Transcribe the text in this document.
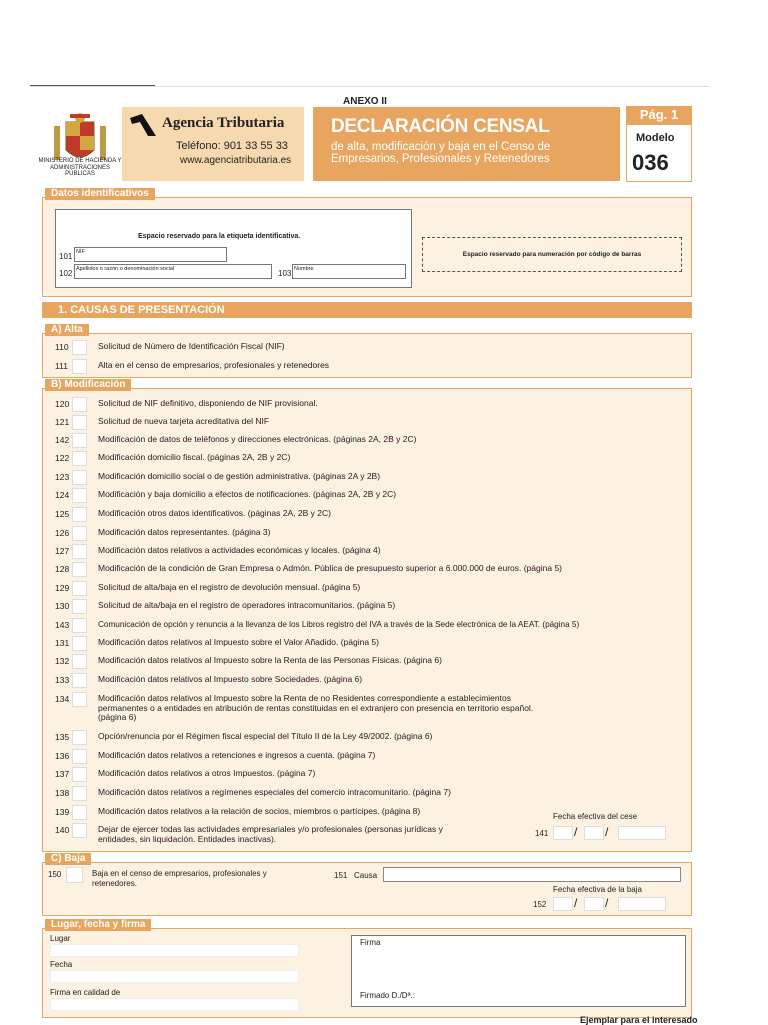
ANEXO II
MINISTERIO DE HACIENDA Y ADMINISTRACIONES PÚBLICAS
Agencia Tributaria
Teléfono: 901 33 55 33
www.agenciatributaria.es
DECLARACIÓN CENSAL
de alta, modificación y baja en el Censo de Empresarios, Profesionales y Retenedores
Pág. 1
Modelo
036
Datos identificativos
Espacio reservado para la etiqueta identificativa.
101 NIF
102 Apellidos o razón o denominación social	103 Nombre
Espacio reservado para numeración por código de barras
1. CAUSAS DE PRESENTACIÓN
A) Alta
110	Solicitud de Número de Identificación Fiscal (NIF)
111	Alta en el censo de empresarios, profesionales y retenedores
B) Modificación
120	Solicitud de NIF definitivo, disponiendo de NIF provisional.
121	Solicitud de nueva tarjeta acreditativa del NIF
142	Modificación de datos de teléfonos y direcciones electrónicas. (páginas 2A, 2B y 2C)
122	Modificación domicilio fiscal. (páginas 2A, 2B y 2C)
123	Modificación domicilio social o de gestión administrativa. (páginas 2A y 2B)
124	Modificación y baja domicilio a efectos de notificaciones. (páginas 2A, 2B y 2C)
125	Modificación otros datos identificativos. (páginas 2A, 2B y 2C)
126	Modificación datos representantes. (página 3)
127	Modificación datos relativos a actividades económicas y locales. (página 4)
128	Modificación de la condición de Gran Empresa o Admón. Pública de presupuesto superior a 6.000.000 de euros. (página 5)
129	Solicitud de alta/baja en el registro de devolución mensual. (página 5)
130	Solicitud de alta/baja en el registro de operadores intracomunitarios. (página 5)
143	Comunicación de opción y renuncia a la llevanza de los Libros registro del IVA a través de la Sede electrónica de la AEAT. (página 5)
131	Modificación datos relativos al Impuesto sobre el Valor Añadido. (página 5)
132	Modificación datos relativos al Impuesto sobre la Renta de las Personas Físicas. (página 6)
133	Modificación datos relativos al Impuesto sobre Sociedades. (página 6)
134	Modificación datos relativos al Impuesto sobre la Renta de no Residentes correspondiente a establecimientos permanentes o a entidades en atribución de rentas constituidas en el extranjero con presencia en territorio español. (página 6)
135	Opción/renuncia por el Régimen fiscal especial del Título II de la Ley 49/2002. (página 6)
136	Modificación datos relativos a retenciones e ingresos a cuenta. (página 7)
137	Modificación datos relativos a otros Impuestos. (página 7)
138	Modificación datos relativos a regímenes especiales del comercio intracomunitario. (página 7)
139	Modificación datos relativos a la relación de socios, miembros o partícipes. (página 8)
140	Dejar de ejercer todas las actividades empresariales y/o profesionales (personas jurídicas y entidades, sin liquidación. Entidades inactivas).
Fecha efectiva del cese
141 / /
C) Baja
150	Baja en el censo de empresarios, profesionales y retenedores.
151 Causa
Fecha efectiva de la baja
152 / /
Lugar, fecha y firma
Lugar
Fecha
Firma en calidad de
Firma
Firmado D./Dª.:
Ejemplar para el interesado
